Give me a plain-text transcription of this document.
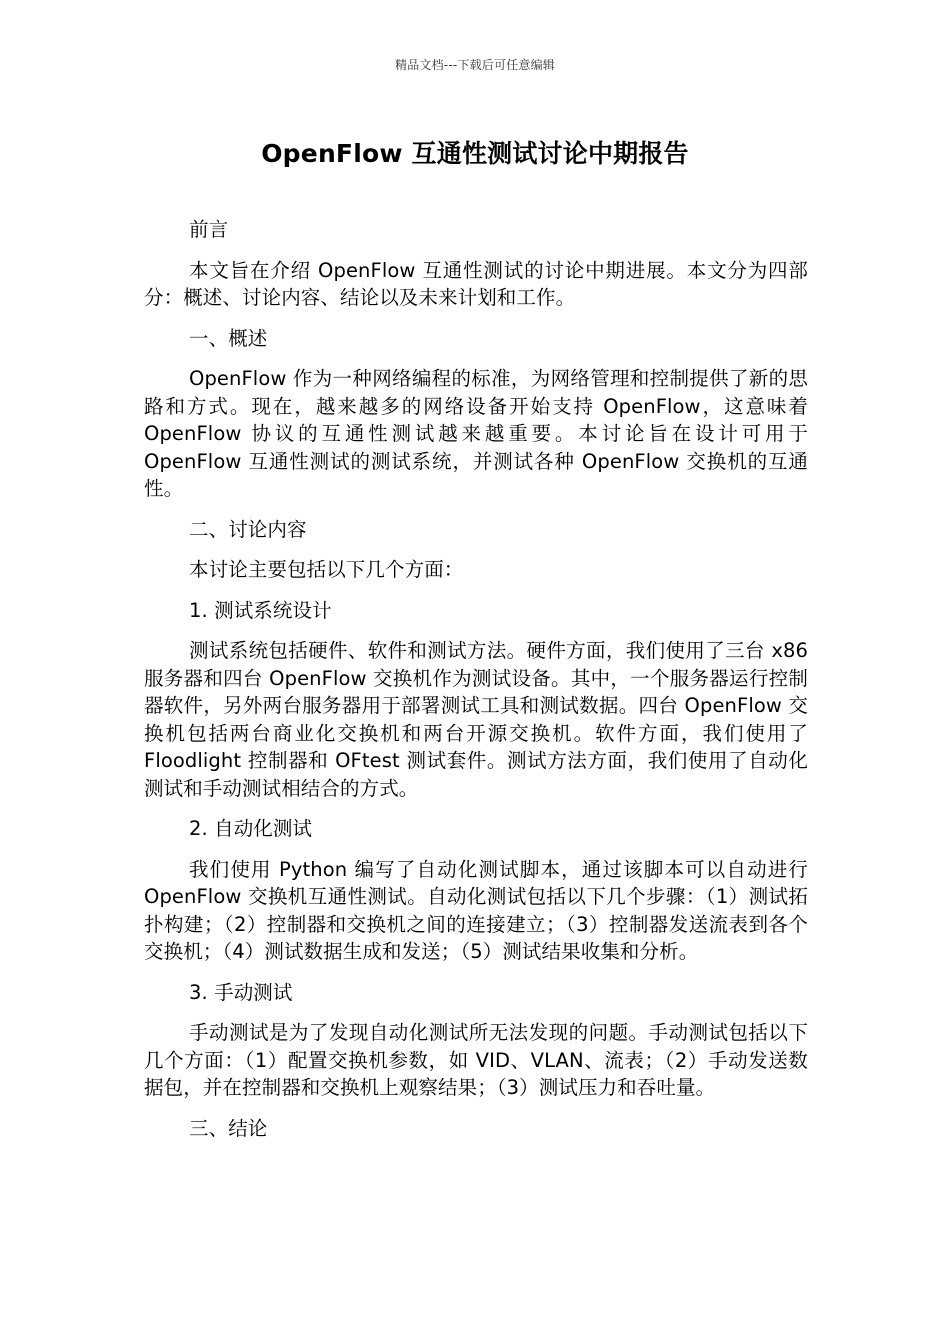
精品文档---下载后可任意编辑
OpenFlow 互通性测试讨论中期报告

前言

本文旨在介绍 OpenFlow 互通性测试的讨论中期进展。本文分为四部分：概述、讨论内容、结论以及未来计划和工作。

一、概述

OpenFlow 作为一种网络编程的标准，为网络管理和控制提供了新的思路和方式。现在，越来越多的网络设备开始支持 OpenFlow，这意味着 OpenFlow 协议的互通性测试越来越重要。本讨论旨在设计可用于 OpenFlow 互通性测试的测试系统，并测试各种 OpenFlow 交换机的互通性。

二、讨论内容

本讨论主要包括以下几个方面：

1. 测试系统设计

测试系统包括硬件、软件和测试方法。硬件方面，我们使用了三台 x86 服务器和四台 OpenFlow 交换机作为测试设备。其中，一个服务器运行控制器软件，另外两台服务器用于部署测试工具和测试数据。四台 OpenFlow 交换机包括两台商业化交换机和两台开源交换机。软件方面，我们使用了 Floodlight 控制器和 OFtest 测试套件。测试方法方面，我们使用了自动化测试和手动测试相结合的方式。

2. 自动化测试

我们使用 Python 编写了自动化测试脚本，通过该脚本可以自动进行 OpenFlow 交换机互通性测试。自动化测试包括以下几个步骤：（1）测试拓扑构建；（2）控制器和交换机之间的连接建立；（3）控制器发送流表到各个交换机；（4）测试数据生成和发送；（5）测试结果收集和分析。

3. 手动测试

手动测试是为了发现自动化测试所无法发现的问题。手动测试包括以下几个方面：（1）配置交换机参数，如 VID、VLAN、流表；（2）手动发送数据包，并在控制器和交换机上观察结果；（3）测试压力和吞吐量。

三、结论
